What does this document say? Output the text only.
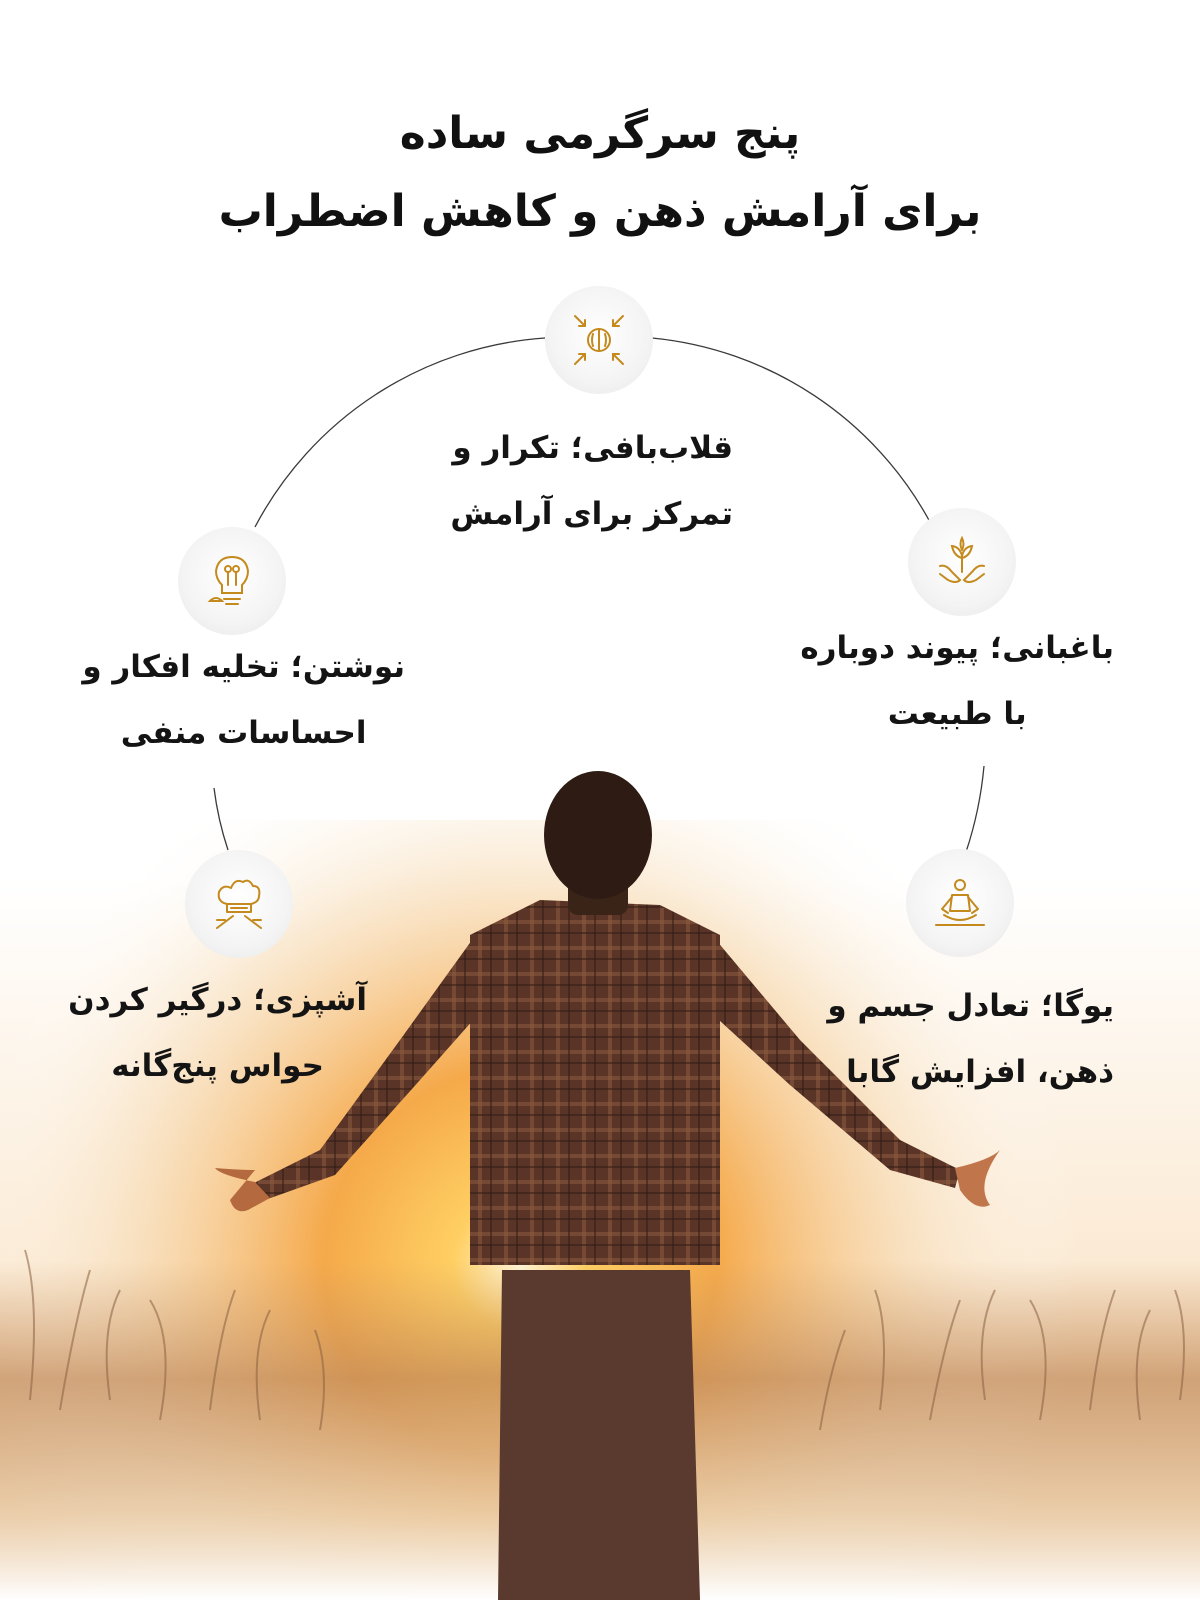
پنج سرگرمی ساده
برای آرامش ذهن و کاهش اضطراب
قلاب‌بافی؛ تکرار و
تمرکز برای آرامش
باغبانی؛ پیوند دوباره
با طبیعت
نوشتن؛ تخلیه افکار و
احساسات منفی
یوگا؛ تعادل جسم و
ذهن، افزایش گابا
آشپزی؛ درگیر کردن
حواس پنج‌گانه
